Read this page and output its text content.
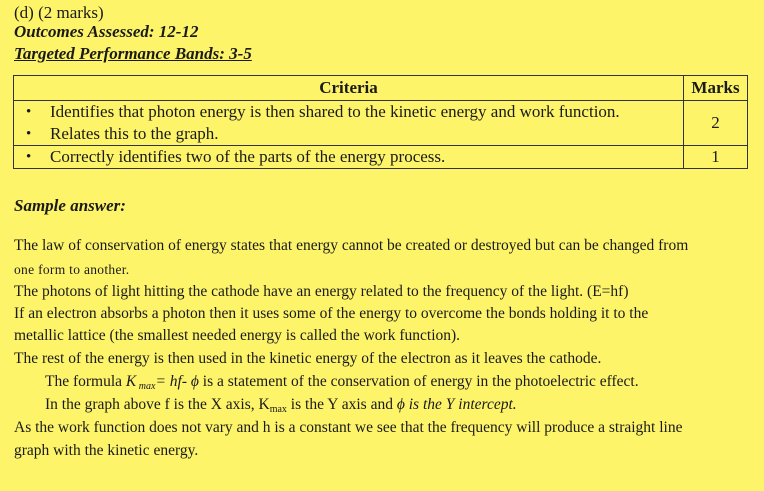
(d) (2 marks)
Outcomes Assessed: 12-12
Targeted Performance Bands: 3-5
Criteria	Marks

• Identifies that photon energy is then shared to the kinetic energy and work function.
• Relates this to the graph.	2

• Correctly identifies two of the parts of the energy process.	1
Sample answer:
The law of conservation of energy states that energy cannot be created or destroyed but can be changed from
one form to another.
The photons of light hitting the cathode have an energy related to the frequency of the light. (E=hf)
If an electron absorbs a photon then it uses some of the energy to overcome the bonds holding it to the
metallic lattice (the smallest needed energy is called the work function).
The rest of the energy is then used in the kinetic energy of the electron as it leaves the cathode.
The formula K $_{max}$= hf- ϕ is a statement of the conservation of energy in the photoelectric effect.
In the graph above f is the X axis, Kmax is the Y axis and ϕ is the Y intercept.
As the work function does not vary and h is a constant we see that the frequency will produce a straight line
graph with the kinetic energy.
